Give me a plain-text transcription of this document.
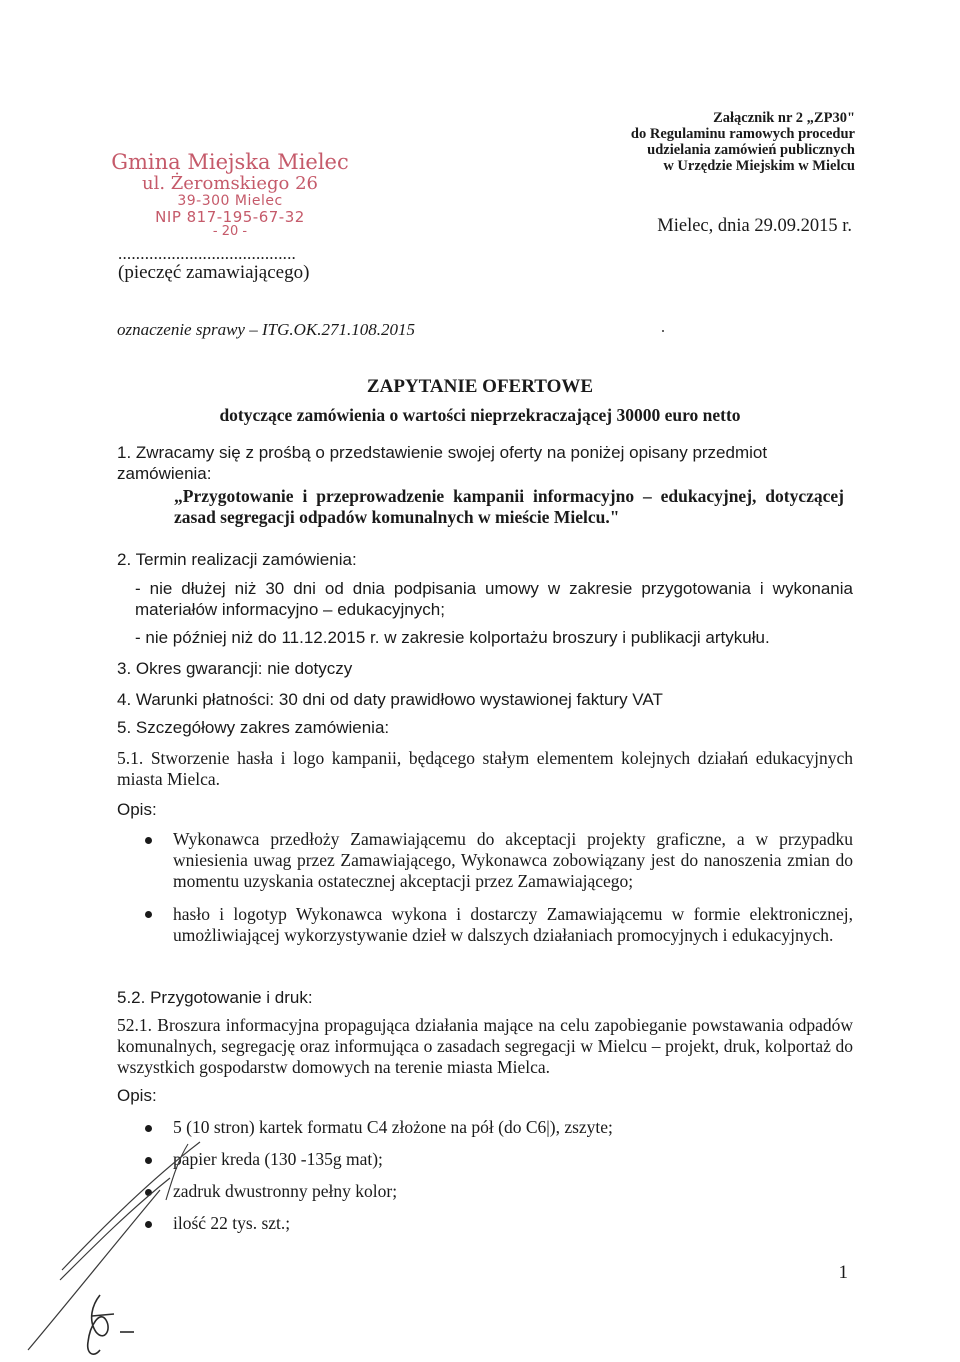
Gmina Miejska Mielec
ul. Żeromskiego 26
39-300 Mielec
NIP 817-195-67-32
- 20 -
........................................
(pieczęć zamawiającego)
Załącznik nr 2 „ZP30"
do Regulaminu ramowych procedur
udzielania zamówień publicznych
w Urzędzie Miejskim w Mielcu
Mielec, dnia 29.09.2015 r.
oznaczenie sprawy – ITG.OK.271.108.2015
ZAPYTANIE OFERTOWE
dotyczące zamówienia o wartości nieprzekraczającej 30000 euro netto
1. Zwracamy się z prośbą o przedstawienie swojej oferty na poniżej opisany przedmiot zamówienia:
„Przygotowanie i przeprowadzenie kampanii informacyjno – edukacyjnej, dotyczącej zasad segregacji odpadów komunalnych w mieście Mielcu."
2. Termin realizacji zamówienia:
- nie dłużej niż 30 dni od dnia podpisania umowy w zakresie przygotowania i wykonania materiałów informacyjno – edukacyjnych;
- nie później niż do 11.12.2015 r. w zakresie kolportażu broszury i publikacji artykułu.
3. Okres gwarancji: nie dotyczy
4. Warunki płatności: 30 dni od daty prawidłowo wystawionej faktury VAT
5. Szczegółowy zakres zamówienia:
5.1. Stworzenie hasła i logo kampanii, będącego stałym elementem kolejnych działań edukacyjnych miasta Mielca.
Opis:
Wykonawca przedłoży Zamawiającemu do akceptacji projekty graficzne, a w przypadku wniesienia uwag przez Zamawiającego, Wykonawca zobowiązany jest do nanoszenia zmian do momentu uzyskania ostatecznej akceptacji przez Zamawiającego;
hasło i logotyp Wykonawca wykona i dostarczy Zamawiającemu w formie elektronicznej, umożliwiającej wykorzystywanie dzieł w dalszych działaniach promocyjnych i edukacyjnych.
5.2. Przygotowanie i druk:
52.1. Broszura informacyjna propagująca działania mające na celu zapobieganie powstawania odpadów komunalnych, segregację oraz informująca o zasadach segregacji w Mielcu – projekt, druk, kolportaż do wszystkich gospodarstw domowych na terenie miasta Mielca.
Opis:
5 (10 stron) kartek formatu C4 złożone na pół (do C6|), zszyte;
papier kreda (130 -135g mat);
zadruk dwustronny pełny kolor;
ilość 22 tys. szt.;
1
